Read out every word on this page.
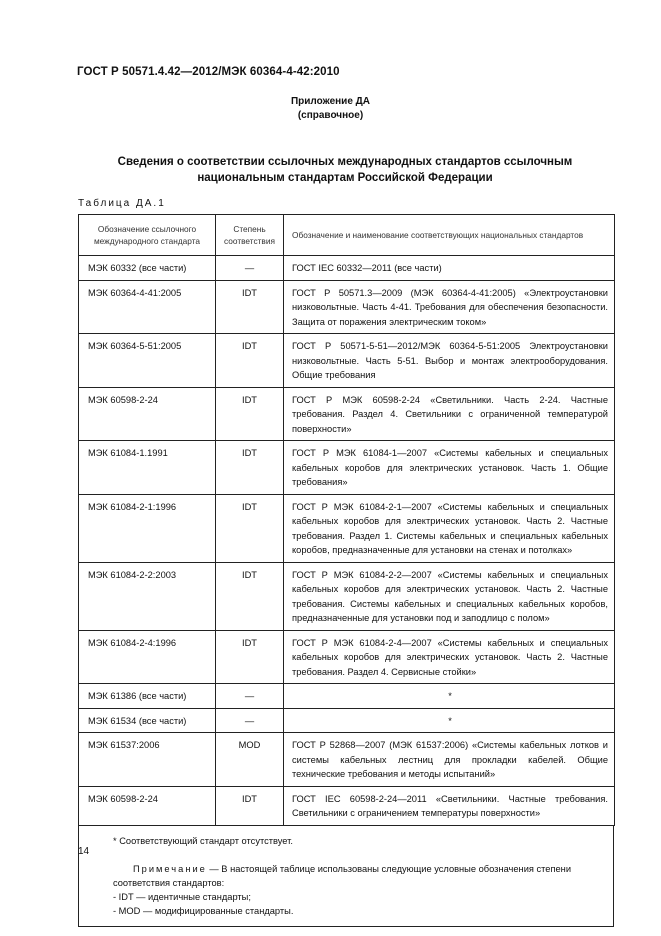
ГОСТ Р 50571.4.42—2012/МЭК 60364-4-42:2010
Приложение ДА
(справочное)
Сведения о соответствии ссылочных международных стандартов ссылочным национальным стандартам Российской Федерации
Таблица ДА.1
Обозначение ссылочного международного стандарта	Степень соответствия	Обозначение и наименование соответствующих национальных стандартов
МЭК 60332 (все части)	—	ГОСТ IEC 60332—2011 (все части)
МЭК 60364-4-41:2005	IDT	ГОСТ Р 50571.3—2009 (МЭК 60364-4-41:2005) «Электроустановки низковольтные. Часть 4-41. Требования для обеспечения безопасности. Защита от поражения электрическим током»
МЭК 60364-5-51:2005	IDT	ГОСТ Р 50571-5-51—2012/МЭК 60364-5-51:2005 Электроустановки низковольтные. Часть 5-51. Выбор и монтаж электрооборудования. Общие требования
МЭК 60598-2-24	IDT	ГОСТ Р МЭК 60598-2-24 «Светильники. Часть 2-24. Частные требования. Раздел 4. Светильники с ограниченной температурой поверхности»
МЭК 61084-1.1991	IDT	ГОСТ Р МЭК 61084-1—2007 «Системы кабельных и специальных кабельных коробов для электрических установок. Часть 1. Общие требования»
МЭК 61084-2-1:1996	IDT	ГОСТ Р МЭК 61084-2-1—2007 «Системы кабельных и специальных кабельных коробов для электрических установок. Часть 2. Частные требования. Раздел 1. Системы кабельных и специальных кабельных коробов, предназначенные для установки на стенах и потолках»
МЭК 61084-2-2:2003	IDT	ГОСТ Р МЭК 61084-2-2—2007 «Системы кабельных и специальных кабельных коробов для электрических установок. Часть 2. Частные требования. Системы кабельных и специальных кабельных коробов, предназначенные для установки под и заподлицо с полом»
МЭК 61084-2-4:1996	IDT	ГОСТ Р МЭК 61084-2-4—2007 «Системы кабельных и специальных кабельных коробов для электрических установок. Часть 2. Частные требования. Раздел 4. Сервисные стойки»
МЭК 61386 (все части)	—	*
МЭК 61534 (все части)	—	*
МЭК 61537:2006	MOD	ГОСТ Р 52868—2007 (МЭК 61537:2006) «Системы кабельных лотков и системы кабельных лестниц для прокладки кабелей. Общие технические требования и методы испытаний»
МЭК 60598-2-24	IDT	ГОСТ IEC 60598-2-24—2011 «Светильники. Частные требования. Светильники с ограничением температуры поверхности»

* Соответствующий стандарт отсутствует.

Примечание — В настоящей таблице использованы следующие условные обозначения степени соответствия стандартов:

- IDT — идентичные стандарты;

- MOD — модифицированные стандарты.

14
